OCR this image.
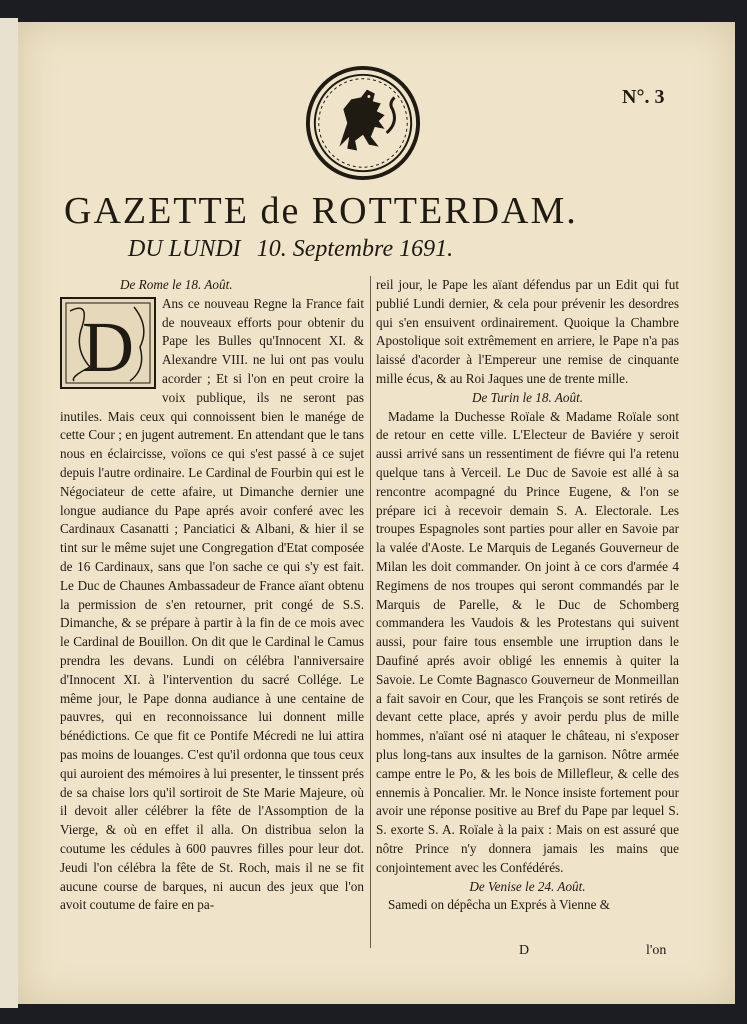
N°. 3
GAZETTE de ROTTERDAM.
DU LUNDI 10. Septembre 1691.

De Rome le 18. Août.

D

Ans ce nouveau Regne la France fait de nouveaux efforts pour obtenir du Pape les Bulles qu'Innocent XI. & Alexandre VIII. ne lui ont pas voulu acorder ; Et si l'on en peut croire la voix publique, ils ne seront pas inutiles. Mais ceux qui connoissent bien le manége de cette Cour ; en jugent autrement. En attendant que le tans nous en éclaircisse, voïons ce qui s'est passé à ce sujet depuis l'autre ordinaire. Le Cardinal de Fourbin qui est le Négociateur de cette afaire, ut Dimanche dernier une longue audiance du Pape aprés avoir conferé avec les Cardinaux Casanatti ; Panciatici & Albani, & hier il se tint sur le même sujet une Congregation d'Etat composée de 16 Cardinaux, sans que l'on sache ce qui s'y est fait. Le Duc de Chaunes Ambassadeur de France aïant obtenu la permission de s'en retourner, prit congé de S.S. Dimanche, & se prépare à partir à la fin de ce mois avec le Cardinal de Bouillon. On dit que le Cardinal le Camus prendra les devans. Lundi on célébra l'anniversaire d'Innocent XI. à l'intervention du sacré Collége. Le même jour, le Pape donna audiance à une centaine de pauvres, qui en reconnoissance lui donnent mille bénédictions. Ce que fit ce Pontife Mécredi ne lui attira pas moins de louanges. C'est qu'il ordonna que tous ceux qui auroient des mémoires à lui presenter, le tinssent prés de sa chaise lors qu'il sortiroit de Ste Marie Majeure, où il devoit aller célébrer la fête de l'Assomption de la Vierge, & où en effet il alla. On distribua selon la coutume les cédules à 600 pauvres filles pour leur dot. Jeudi l'on célébra la fête de St. Roch, mais il ne se fit aucune course de barques, ni aucun des jeux que l'on avoit coutume de faire en pa-

reil jour, le Pape les aïant défendus par un Edit qui fut publié Lundi dernier, & cela pour prévenir les desordres qui s'en ensuivent ordinairement. Quoique la Chambre Apostolique soit extrêmement en arriere, le Pape n'a pas laissé d'acorder à l'Empereur une remise de cinquante mille écus, & au Roi Jaques une de trente mille.

De Turin le 18. Août.

Madame la Duchesse Roïale & Madame Roïale sont de retour en cette ville. L'Electeur de Baviére y seroit aussi arrivé sans un ressentiment de fiévre qui l'a retenu quelque tans à Verceil. Le Duc de Savoie est allé à sa rencontre acompagné du Prince Eugene, & l'on se prépare ici à recevoir demain S. A. Electorale. Les troupes Espagnoles sont parties pour aller en Savoie par la valée d'Aoste. Le Marquis de Leganés Gouverneur de Milan les doit commander. On joint à ce cors d'armée 4 Regimens de nos troupes qui seront commandés par le Marquis de Parelle, & le Duc de Schomberg commandera les Vaudois & les Protestans qui suivent aussi, pour faire tous ensemble une irruption dans le Daufiné aprés avoir obligé les ennemis à quiter la Savoie. Le Comte Bagnasco Gouverneur de Monmeillan a fait savoir en Cour, que les François se sont retirés de devant cette place, aprés y avoir perdu plus de mille hommes, n'aïant osé ni ataquer le château, ni s'exposer plus long-tans aux insultes de la garnison. Nôtre armée campe entre le Po, & les bois de Millefleur, & celle des ennemis à Poncalier. Mr. le Nonce insiste fortement pour avoir une réponse positive au Bref du Pape par lequel S. S. exorte S. A. Roïale à la paix : Mais on est assuré que nôtre Prince n'y donnera jamais les mains que conjointement avec les Confédérés.

De Venise le 24. Août.

Samedi on dépêcha un Exprés à Vienne &

D	l'on
